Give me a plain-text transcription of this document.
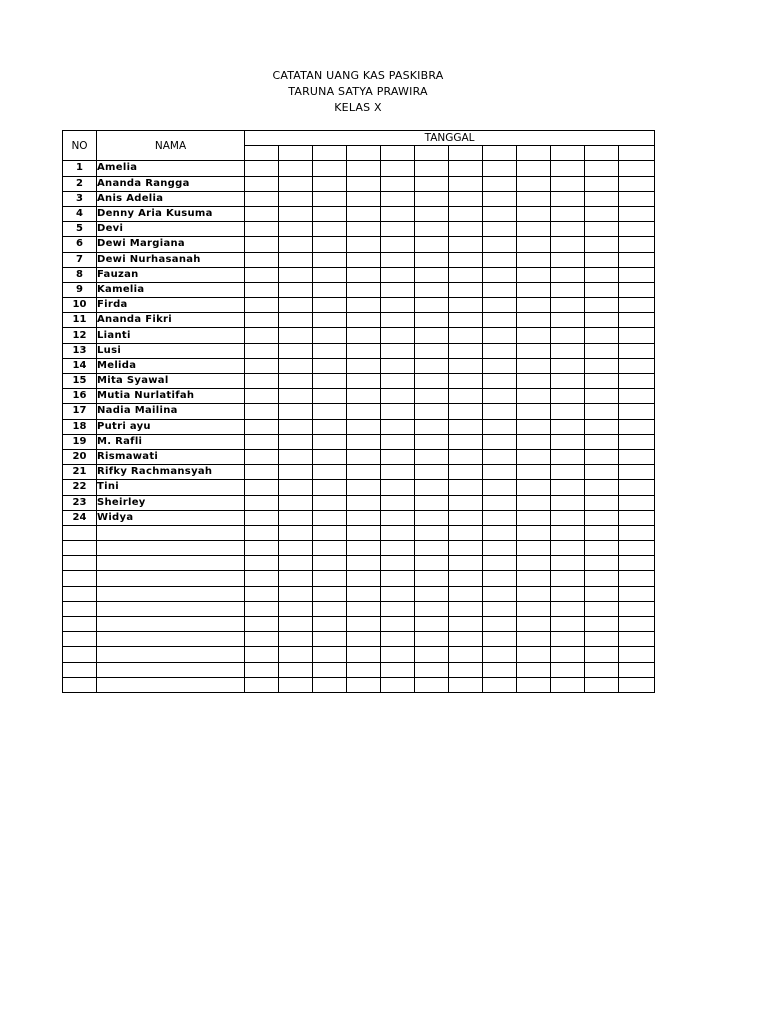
CATATAN UANG KAS PASKIBRA
TARUNA SATYA PRAWIRA
KELAS X
NO	NAMA	TANGGAL											

1	Amelia												
2	Ananda Rangga												
3	Anis Adelia												
4	Denny Aria Kusuma												
5	Devi												
6	Dewi Margiana												
7	Dewi Nurhasanah												
8	Fauzan												
9	Kamelia												
10	Firda												
11	Ananda Fikri												
12	Lianti												
13	Lusi												
14	Melida												
15	Mita Syawal												
16	Mutia Nurlatifah												
17	Nadia Mailina												
18	Putri ayu												
19	M. Rafli												
20	Rismawati												
21	Rifky Rachmansyah												
22	Tini												
23	Sheirley												
24	Widya												
